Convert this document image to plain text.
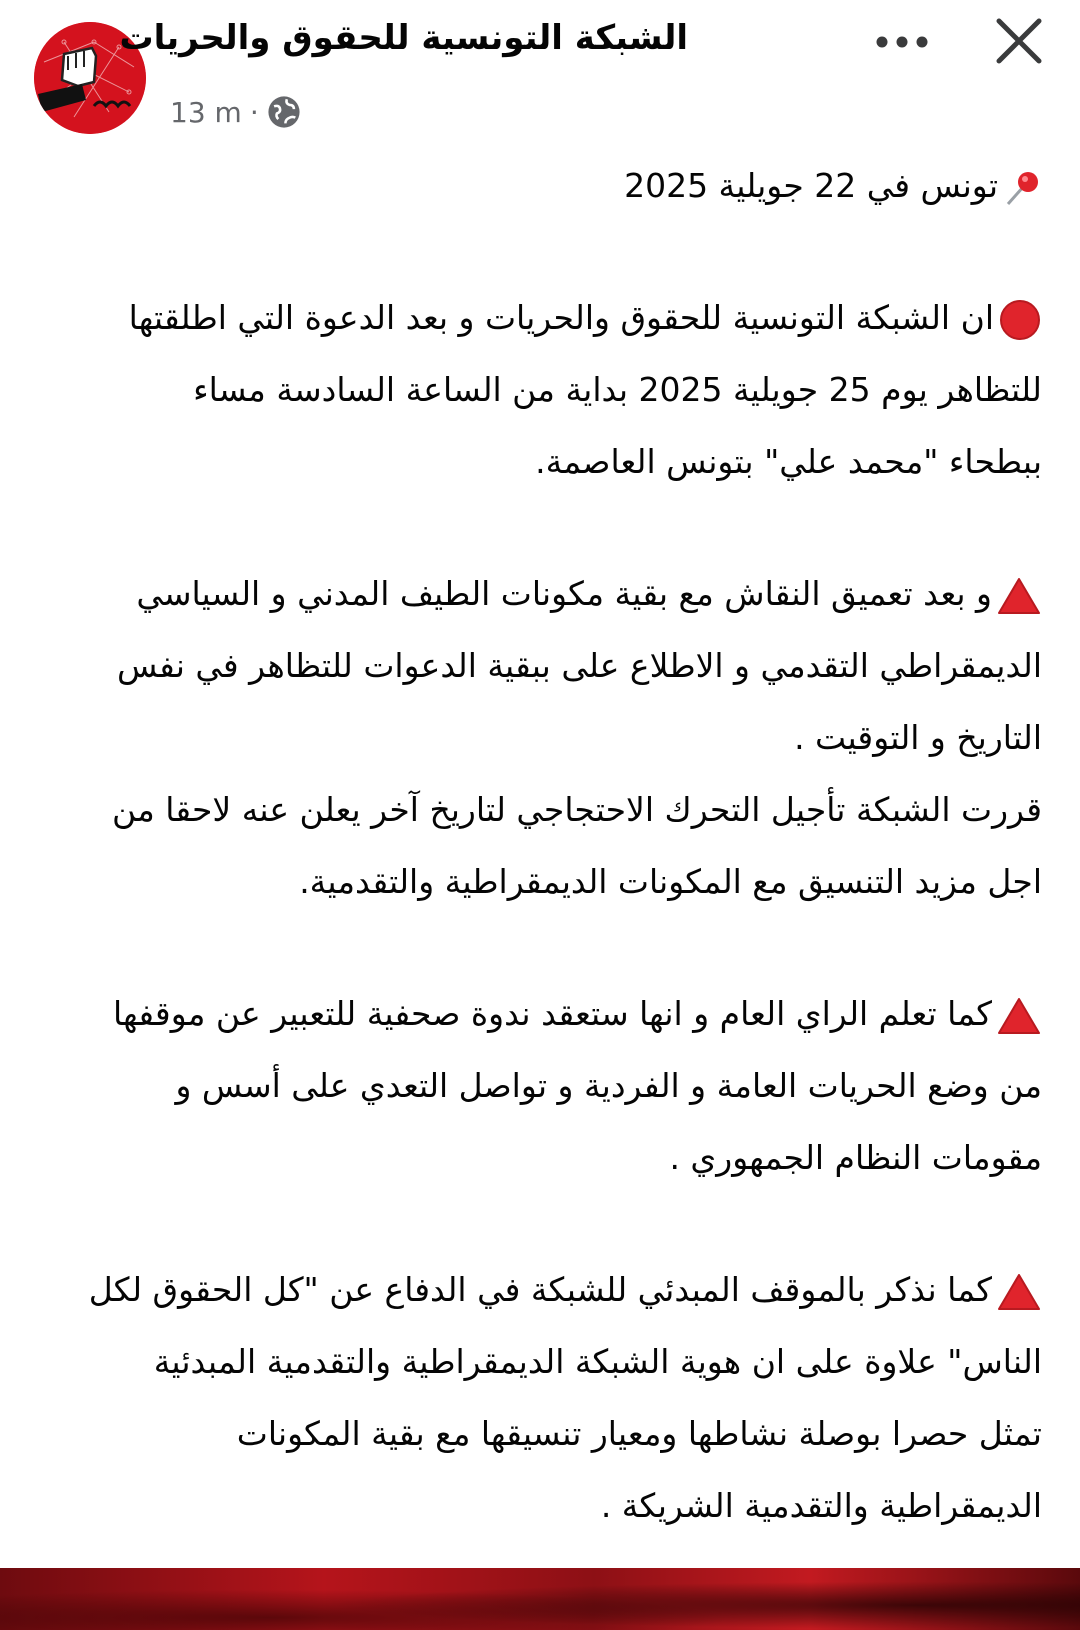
الشبكة التونسية للحقوق والحريات
13 m ·
تونس في 22 جويلية 2025
ان الشبكة التونسية للحقوق والحريات و بعد الدعوة التي اطلقتها
للتظاهر يوم 25 جويلية 2025 بداية من الساعة السادسة مساء
ببطحاء "محمد علي" بتونس العاصمة.
و بعد تعميق النقاش مع بقية مكونات الطيف المدني و السياسي
الديمقراطي التقدمي و الاطلاع على ببقية الدعوات للتظاهر في نفس
التاريخ و التوقيت .
قررت الشبكة تأجيل التحرك الاحتجاجي لتاريخ آخر يعلن عنه لاحقا من
اجل مزيد التنسيق مع المكونات الديمقراطية والتقدمية.
كما تعلم الراي العام و انها ستعقد ندوة صحفية للتعبير عن موقفها
من وضع الحريات العامة و الفردية و تواصل التعدي على أسس و
مقومات النظام الجمهوري .
كما نذكر بالموقف المبدئي للشبكة في الدفاع عن "كل الحقوق لكل
الناس" علاوة على ان هوية الشبكة الديمقراطية والتقدمية المبدئية
تمثل حصرا بوصلة نشاطها ومعيار تنسيقها مع بقية المكونات
الديمقراطية والتقدمية الشريكة .
